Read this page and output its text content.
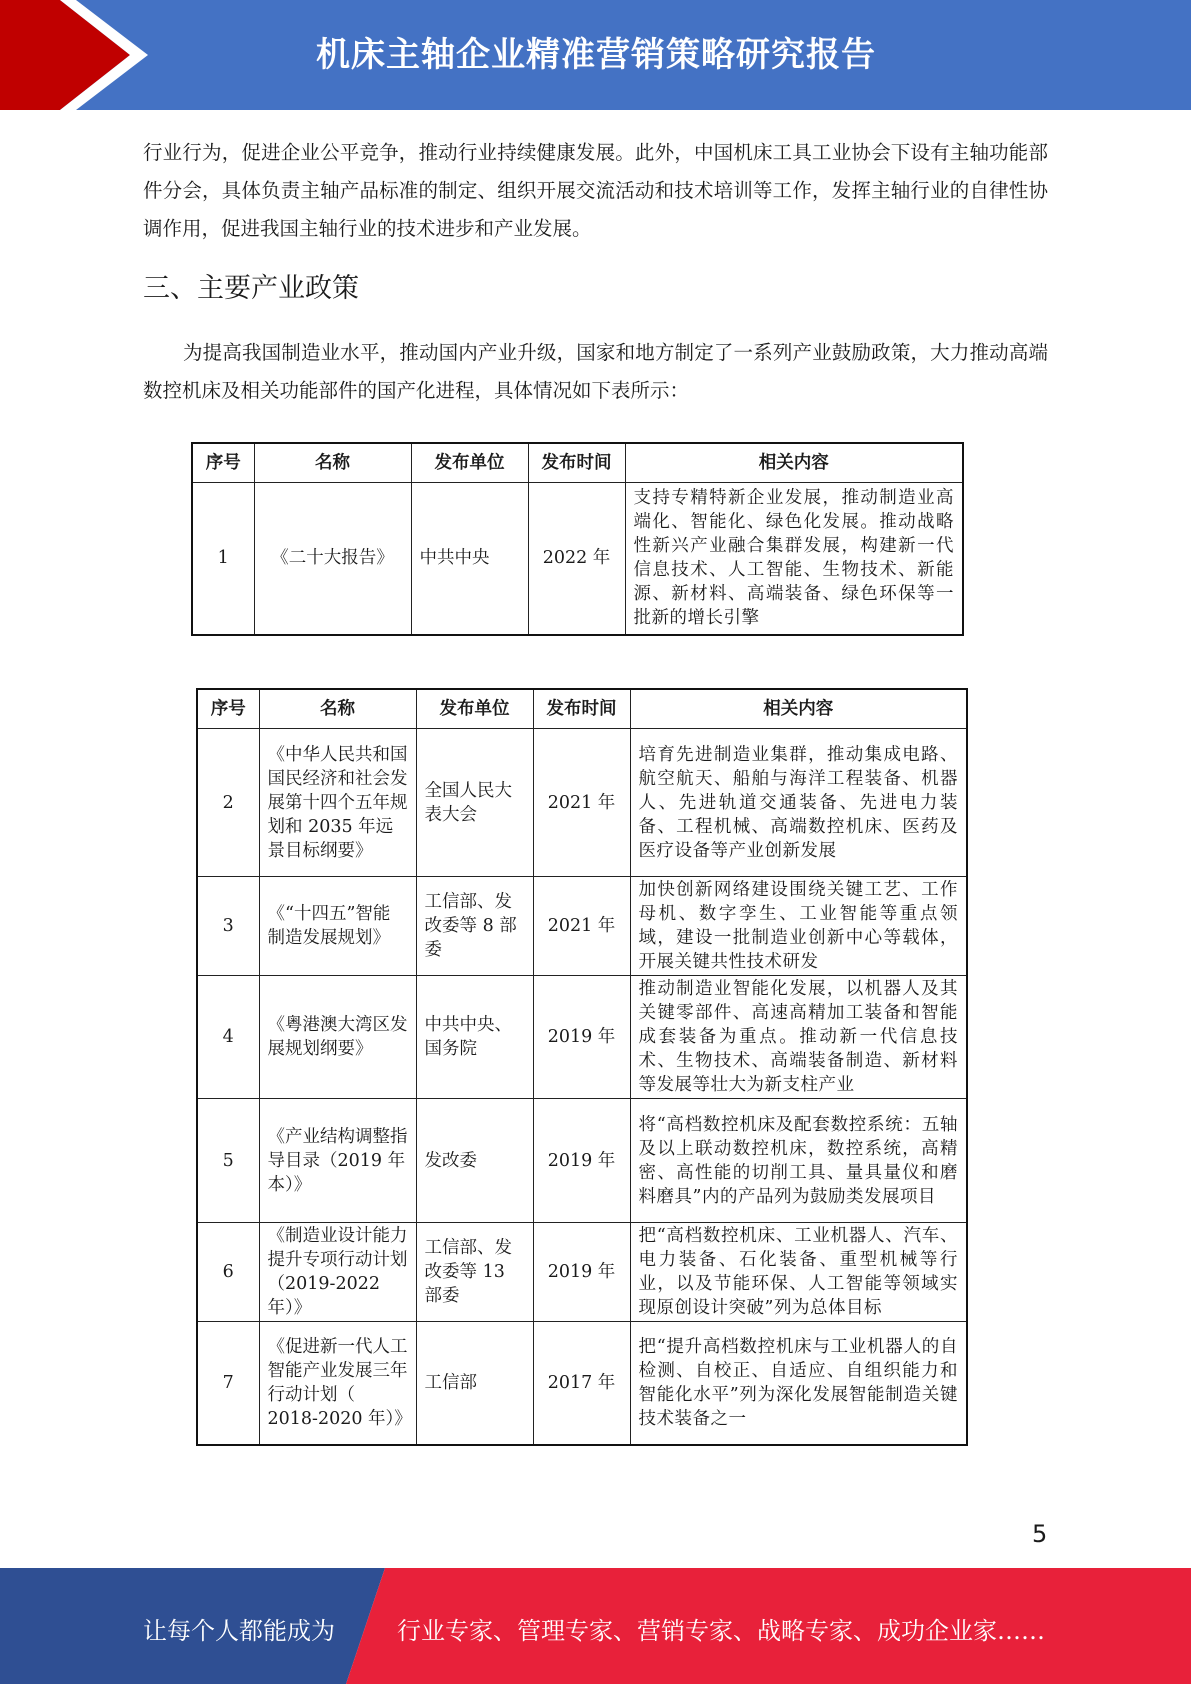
机床主轴企业精准营销策略研究报告

行业行为，促进企业公平竞争，推动行业持续健康发展。此外，中国机床工具工业协会下设有主轴功能部件分会，具体负责主轴产品标准的制定、组织开展交流活动和技术培训等工作，发挥主轴行业的自律性协调作用，促进我国主轴行业的技术进步和产业发展。

三、主要产业政策

为提高我国制造业水平，推动国内产业升级，国家和地方制定了一系列产业鼓励政策，大力推动高端数控机床及相关功能部件的国产化进程，具体情况如下表所示：

序号	名称	发布单位	发布时间	相关内容
1	《二十大报告》	中共中央	2022 年	支持专精特新企业发展，推动制造业高端化、智能化、绿色化发展。推动战略性新兴产业融合集群发展，构建新一代信息技术、人工智能、生物技术、新能源、新材料、高端装备、绿色环保等一批新的增长引擎
序号	名称	发布单位	发布时间	相关内容
2	《中华人民共和国国民经济和社会发展第十四个五年规划和 2035 年远景目标纲要》	全国人民大表大会	2021 年	培育先进制造业集群，推动集成电路、航空航天、船舶与海洋工程装备、机器人、先进轨道交通装备、先进电力装备、工程机械、高端数控机床、医药及医疗设备等产业创新发展
3	《“十四五”智能制造发展规划》	工信部、发改委等 8 部委	2021 年	加快创新网络建设围绕关键工艺、工作母机、数字孪生、工业智能等重点领域，建设一批制造业创新中心等载体，开展关键共性技术研发
4	《粤港澳大湾区发展规划纲要》	中共中央、国务院	2019 年	推动制造业智能化发展，以机器人及其关键零部件、高速高精加工装备和智能成套装备为重点。推动新一代信息技术、生物技术、高端装备制造、新材料等发展等壮大为新支柱产业
5	《产业结构调整指导目录（2019 年本）》	发改委	2019 年	将“高档数控机床及配套数控系统：五轴及以上联动数控机床，数控系统，高精密、高性能的切削工具、量具量仪和磨料磨具”内的产品列为鼓励类发展项目
6	《制造业设计能力提升专项行动计划（2019-2022 年）》	工信部、发改委等 13 部委	2019 年	把“高档数控机床、工业机器人、汽车、电力装备、石化装备、重型机械等行业，以及节能环保、人工智能等领域实现原创设计突破”列为总体目标
7	《促进新一代人工智能产业发展三年行动计划（ 2018-2020 年）》	工信部	2017 年	把“提升高档数控机床与工业机器人的自检测、自校正、自适应、自组织能力和智能化水平”列为深化发展智能制造关键技术装备之一
5
让每个人都能成为	行业专家、管理专家、营销专家、战略专家、成功企业家……
